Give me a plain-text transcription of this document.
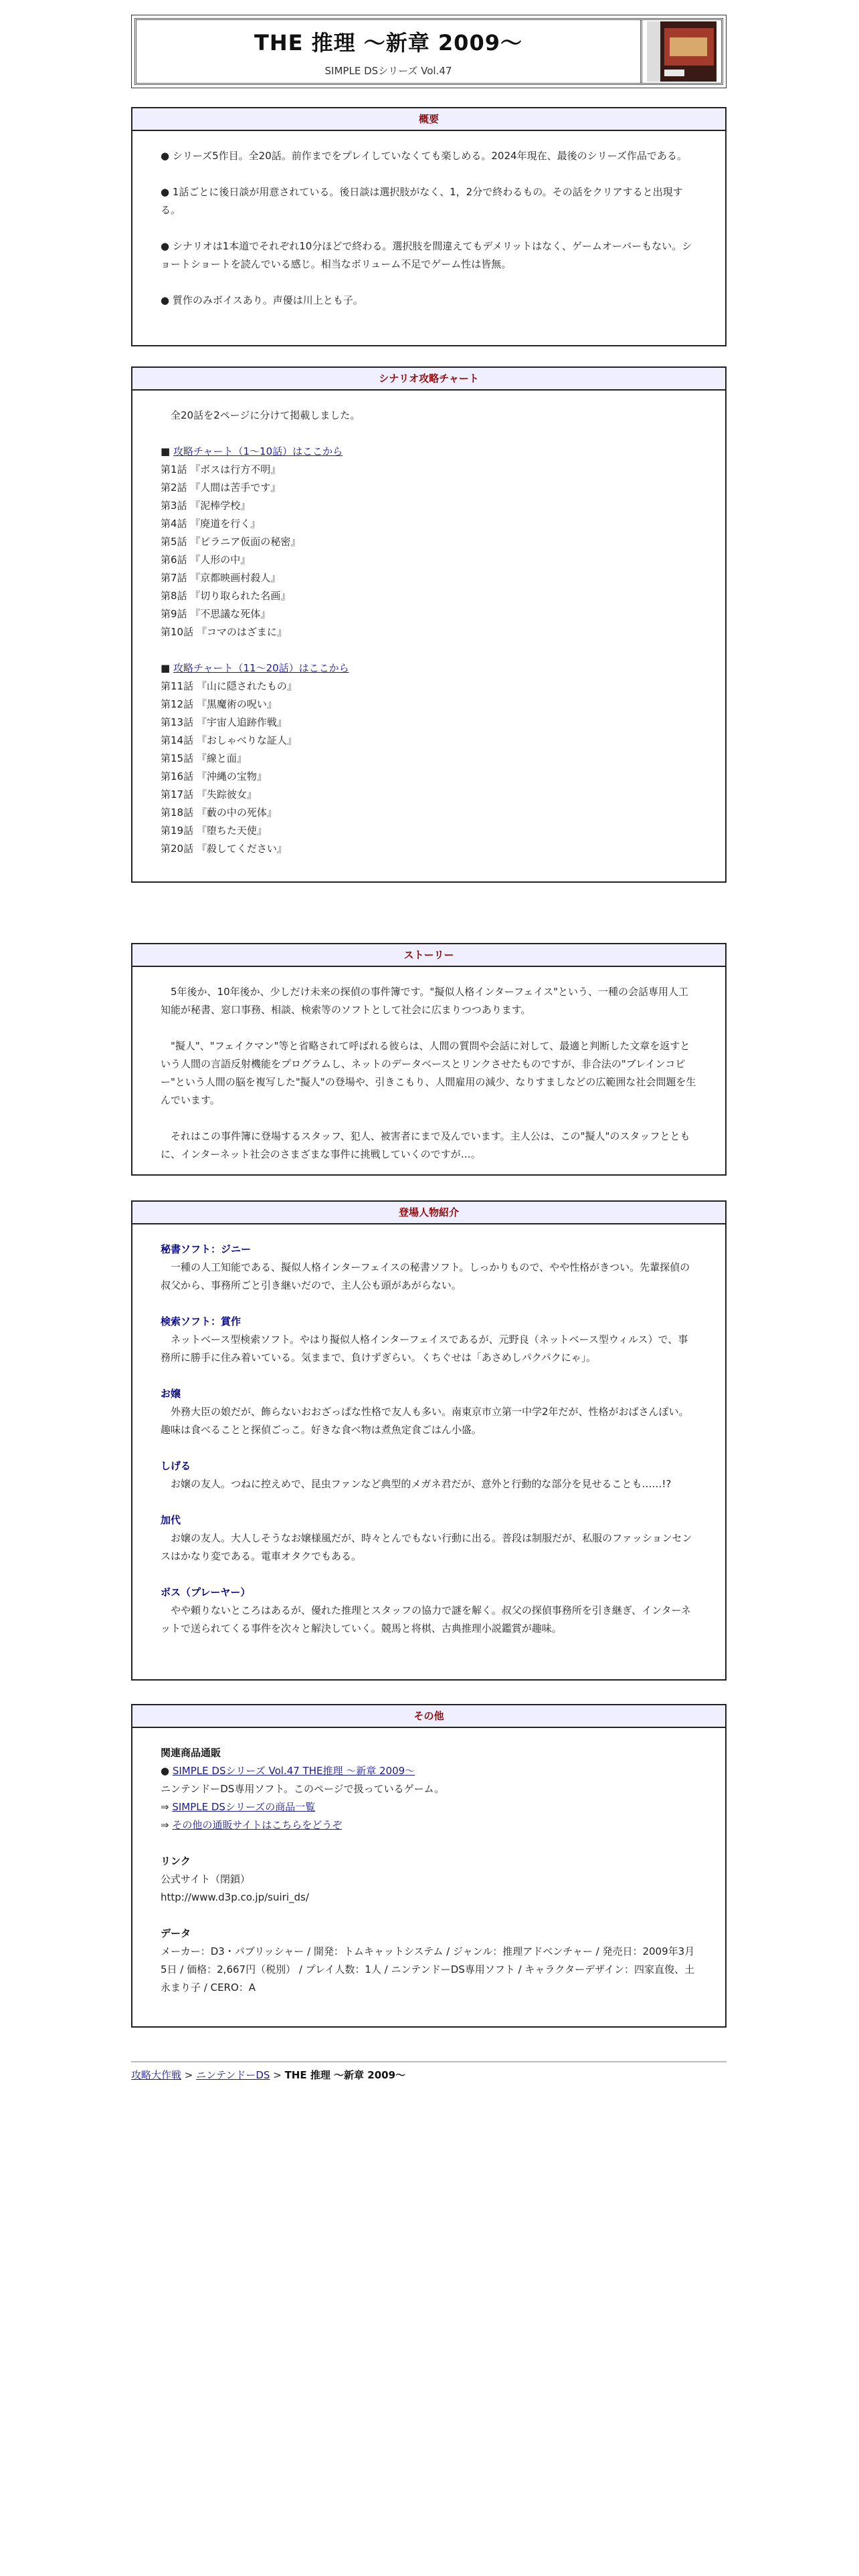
THE 推理 ～新章 2009～
SIMPLE DSシリーズ Vol.47
概要

● シリーズ5作目。全20話。前作までをプレイしていなくても楽しめる。2024年現在、最後のシリーズ作品である。

● 1話ごとに後日談が用意されている。後日談は選択肢がなく、1，2分で終わるもの。その話をクリアすると出現する。

● シナリオは1本道でそれぞれ10分ほどで終わる。選択肢を間違えてもデメリットはなく、ゲームオーバーもない。ショートショートを読んでいる感じ。相当なボリューム不足でゲーム性は皆無。

● 質作のみボイスあり。声優は川上とも子。

シナリオ攻略チャート

全20話を2ページに分けて掲載しました。

■ 攻略チャート（1～10話）はここから

第1話 『ボスは行方不明』

第2話 『人間は苦手です』

第3話 『泥棒学校』

第4話 『廃道を行く』

第5話 『ピラニア仮面の秘密』

第6話 『人形の中』

第7話 『京都映画村殺人』

第8話 『切り取られた名画』

第9話 『不思議な死体』

第10話 『コマのはざまに』

■ 攻略チャート（11～20話）はここから

第11話 『山に隠されたもの』

第12話 『黒魔術の呪い』

第13話 『宇宙人追跡作戦』

第14話 『おしゃべりな証人』

第15話 『線と面』

第16話 『沖縄の宝物』

第17話 『失踪彼女』

第18話 『藪の中の死体』

第19話 『堕ちた天使』

第20話 『殺してください』

ストーリー

5年後か、10年後か、少しだけ未来の探偵の事件簿です。"擬似人格インターフェイス"という、一種の会話専用人工知能が秘書、窓口事務、相談、検索等のソフトとして社会に広まりつつあります。

"擬人"、"フェイクマン"等と省略されて呼ばれる彼らは、人間の質問や会話に対して、最適と判断した文章を返すという人間の言語反射機能をプログラムし、ネットのデータベースとリンクさせたものですが、非合法の"ブレインコピー"という人間の脳を複写した"擬人"の登場や、引きこもり、人間雇用の減少、なりすましなどの広範囲な社会問題を生んでいます。

それはこの事件簿に登場するスタッフ、犯人、被害者にまで及んでいます。主人公は、この"擬人"のスタッフとともに、インターネット社会のさまざまな事件に挑戦していくのですが…。

登場人物紹介
秘書ソフト：ジニー
一種の人工知能である、擬似人格インターフェイスの秘書ソフト。しっかりもので、やや性格がきつい。先輩探偵の叔父から、事務所ごと引き継いだので、主人公も頭があがらない。
検索ソフト：賞作
ネットベース型検索ソフト。やはり擬似人格インターフェイスであるが、元野良（ネットベース型ウィルス）で、事務所に勝手に住み着いている。気ままで、負けずぎらい。くちぐせは「あさめしパクパクにゃ」。
お嬢
外務大臣の娘だが、飾らないおおざっぱな性格で友人も多い。南東京市立第一中学2年だが、性格がおばさんぽい。趣味は食べることと探偵ごっこ。好きな食べ物は煮魚定食ごはん小盛。
しげる
お嬢の友人。つねに控えめで、昆虫ファンなど典型的メガネ君だが、意外と行動的な部分を見せることも……!?
加代
お嬢の友人。大人しそうなお嬢様風だが、時々とんでもない行動に出る。普段は制服だが、私服のファッションセンスはかなり変である。電車オタクでもある。
ボス（プレーヤー）
やや頼りないところはあるが、優れた推理とスタッフの協力で謎を解く。叔父の探偵事務所を引き継ぎ、インターネットで送られてくる事件を次々と解決していく。競馬と将棋、古典推理小説鑑賞が趣味。
その他
関連商品通販
● SIMPLE DSシリーズ Vol.47 THE推理 ～新章 2009～
ニンテンドーDS専用ソフト。このページで扱っているゲーム。
⇒ SIMPLE DSシリーズの商品一覧
⇒ その他の通販サイトはこちらをどうぞ
リンク
公式サイト（閉鎖）
http://www.d3p.co.jp/suiri_ds/
データ
メーカー：D3・パブリッシャー / 開発：トムキャットシステム / ジャンル：推理アドベンチャー / 発売日：2009年3月5日 / 価格：2,667円（税別） / プレイ人数：1人 / ニンテンドーDS専用ソフト / キャラクターデザイン：四家直俊、土永まり子 / CERO：A
攻略大作戦 > ニンテンドーDS > THE 推理 ～新章 2009～
